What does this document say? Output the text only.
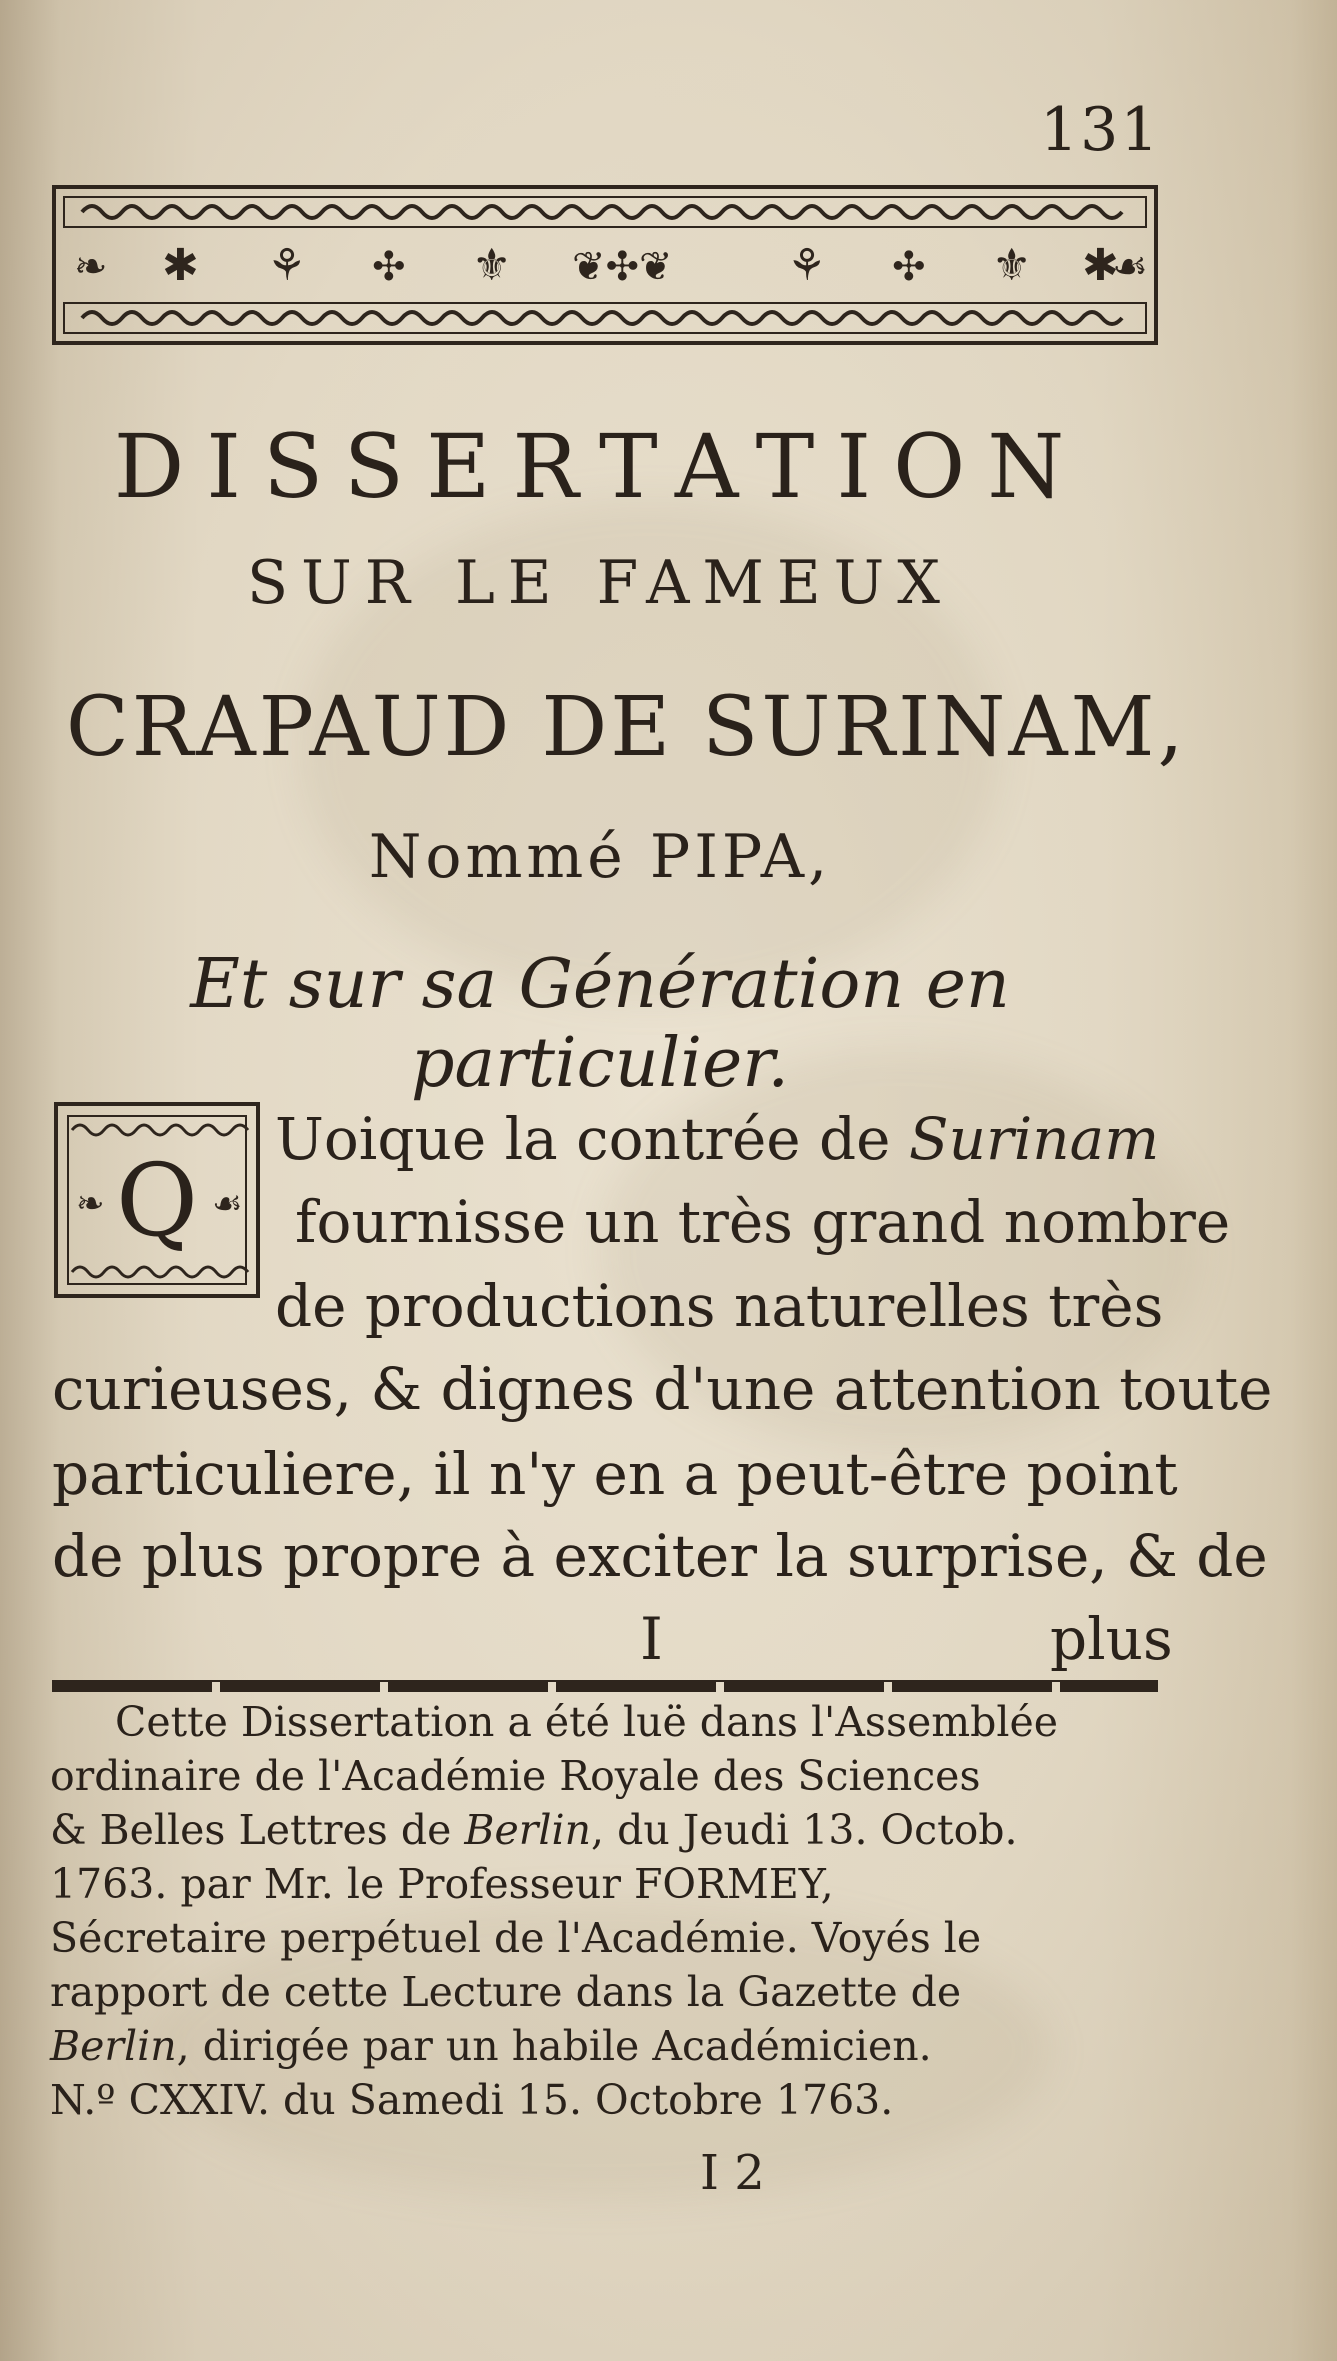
131
✱ ⚘ ✣ ⚜ ❦✣❦	⚘ ✣ ⚜ ✱
❧	☙
DISSERTATION
SUR LE FAMEUX
CRAPAUD DE SURINAM,
Nommé PIPA,
Et sur sa Génération en particulier.
❧	☙
Q
Uoique la contrée de Surinam
fournisse un très grand nombre
de productions naturelles très
curieuses, & dignes d'une attention toute
particuliere, il n'y en a peut-être point
de plus propre à exciter la surprise, & de
I	plus
Cette Dissertation a été luë dans l'Assemblée
ordinaire de l'Académie Royale des Sciences
& Belles Lettres de Berlin, du Jeudi 13. Octob.
1763. par Mr. le Professeur FORMEY,
Sécretaire perpétuel de l'Académie. Voyés le
rapport de cette Lecture dans la Gazette de
Berlin, dirigée par un habile Académicien.
N.º CXXIV. du Samedi 15. Octobre 1763.
I 2
